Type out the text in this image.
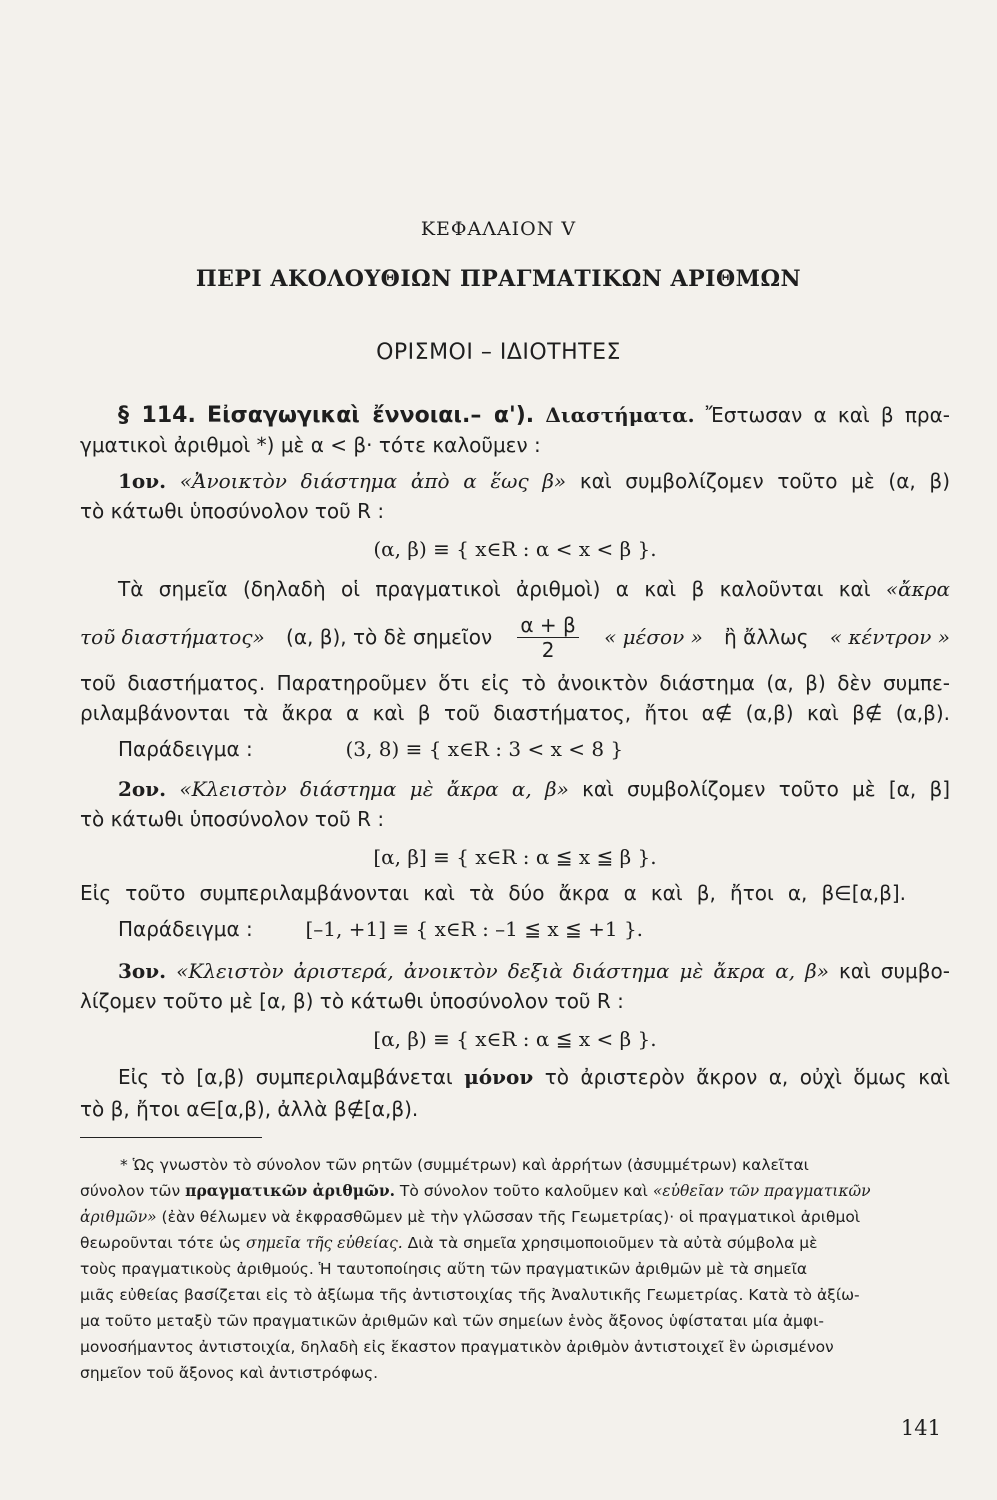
ΚΕΦΑΛΑΙΟΝ V
ΠΕΡΙ ΑΚΟΛΟΥΘΙΩΝ ΠΡΑΓΜΑΤΙΚΩΝ ΑΡΙΘΜΩΝ
ΟΡΙΣΜΟΙ – ΙΔΙΟΤΗΤΕΣ
§ 114. Εἰσαγωγικαὶ ἔννοιαι.– α'). Διαστήματα. Ἔστωσαν α καὶ β πρα-
γματικοὶ ἀριθμοὶ *) μὲ α < β· τότε καλοῦμεν :
1ον. «Ἀνοικτὸν διάστημα ἀπὸ α ἕως β» καὶ συμβολίζομεν τοῦτο μὲ (α, β)
τὸ κάτωθι ὑποσύνολον τοῦ R :
(α, β) ≡ { x∈R : α < x < β }.
Τὰ σημεῖα (δηλαδὴ οἱ πραγματικοὶ ἀριθμοὶ) α καὶ β καλοῦνται καὶ «ἄκρα
τοῦ διαστήματος» (α, β), τὸ δὲ σημεῖον $\frac{\alpha + \beta}{2}$ « μέσον » ἢ ἄλλως « κέντρον »
τοῦ διαστήματος. Παρατηροῦμεν ὅτι εἰς τὸ ἀνοικτὸν διάστημα (α, β) δὲν συμπε-
ριλαμβάνονται τὰ ἄκρα α καὶ β τοῦ διαστήματος, ἤτοι α∉ (α,β) καὶ β∉ (α,β).
Παράδειγμα :	(3, 8) ≡ { x∈R : 3 < x < 8 }
2ον. «Κλειστὸν διάστημα μὲ ἄκρα α, β» καὶ συμβολίζομεν τοῦτο μὲ [α, β]
τὸ κάτωθι ὑποσύνολον τοῦ R :
[α, β] ≡ { x∈R : α ≦ x ≦ β }.
Εἰς τοῦτο συμπεριλαμβάνονται καὶ τὰ δύο ἄκρα α καὶ β, ἤτοι α, β∈[α,β].
Παράδειγμα :	[–1, +1] ≡ { x∈R : –1 ≦ x ≦ +1 }.
3ον. «Κλειστὸν ἀριστερά, ἀνοικτὸν δεξιὰ διάστημα μὲ ἄκρα α, β» καὶ συμβο-
λίζομεν τοῦτο μὲ [α, β) τὸ κάτωθι ὑποσύνολον τοῦ R :
[α, β) ≡ { x∈R : α ≦ x < β }.
Εἰς τὸ [α,β) συμπεριλαμβάνεται μόνον τὸ ἀριστερὸν ἄκρον α, οὐχὶ ὅμως καὶ
τὸ β, ἤτοι α∈[α,β), ἀλλὰ β∉[α,β).
* Ὡς γνωστὸν τὸ σύνολον τῶν ρητῶν (συμμέτρων) καὶ ἀρρήτων (ἀσυμμέτρων) καλεῖται
σύνολον τῶν πραγματικῶν ἀριθμῶν. Τὸ σύνολον τοῦτο καλοῦμεν καὶ «εὐθεῖαν τῶν πραγματικῶν
ἀριθμῶν» (ἐὰν θέλωμεν νὰ ἐκφρασθῶμεν μὲ τὴν γλῶσσαν τῆς Γεωμετρίας)· οἱ πραγματικοὶ ἀριθμοὶ
θεωροῦνται τότε ὡς σημεῖα τῆς εὐθείας. Διὰ τὰ σημεῖα χρησιμοποιοῦμεν τὰ αὐτὰ σύμβολα μὲ
τοὺς πραγματικοὺς ἀριθμούς. Ἡ ταυτοποίησις αὕτη τῶν πραγματικῶν ἀριθμῶν μὲ τὰ σημεῖα
μιᾶς εὐθείας βασίζεται εἰς τὸ ἀξίωμα τῆς ἀντιστοιχίας τῆς Ἀναλυτικῆς Γεωμετρίας. Κατὰ τὸ ἀξίω-
μα τοῦτο μεταξὺ τῶν πραγματικῶν ἀριθμῶν καὶ τῶν σημείων ἑνὸς ἄξονος ὑφίσταται μία ἀμφι-
μονοσήμαντος ἀντιστοιχία, δηλαδὴ εἰς ἕκαστον πραγματικὸν ἀριθμὸν ἀντιστοιχεῖ ἓν ὡρισμένον
σημεῖον τοῦ ἄξονος καὶ ἀντιστρόφως.
141
